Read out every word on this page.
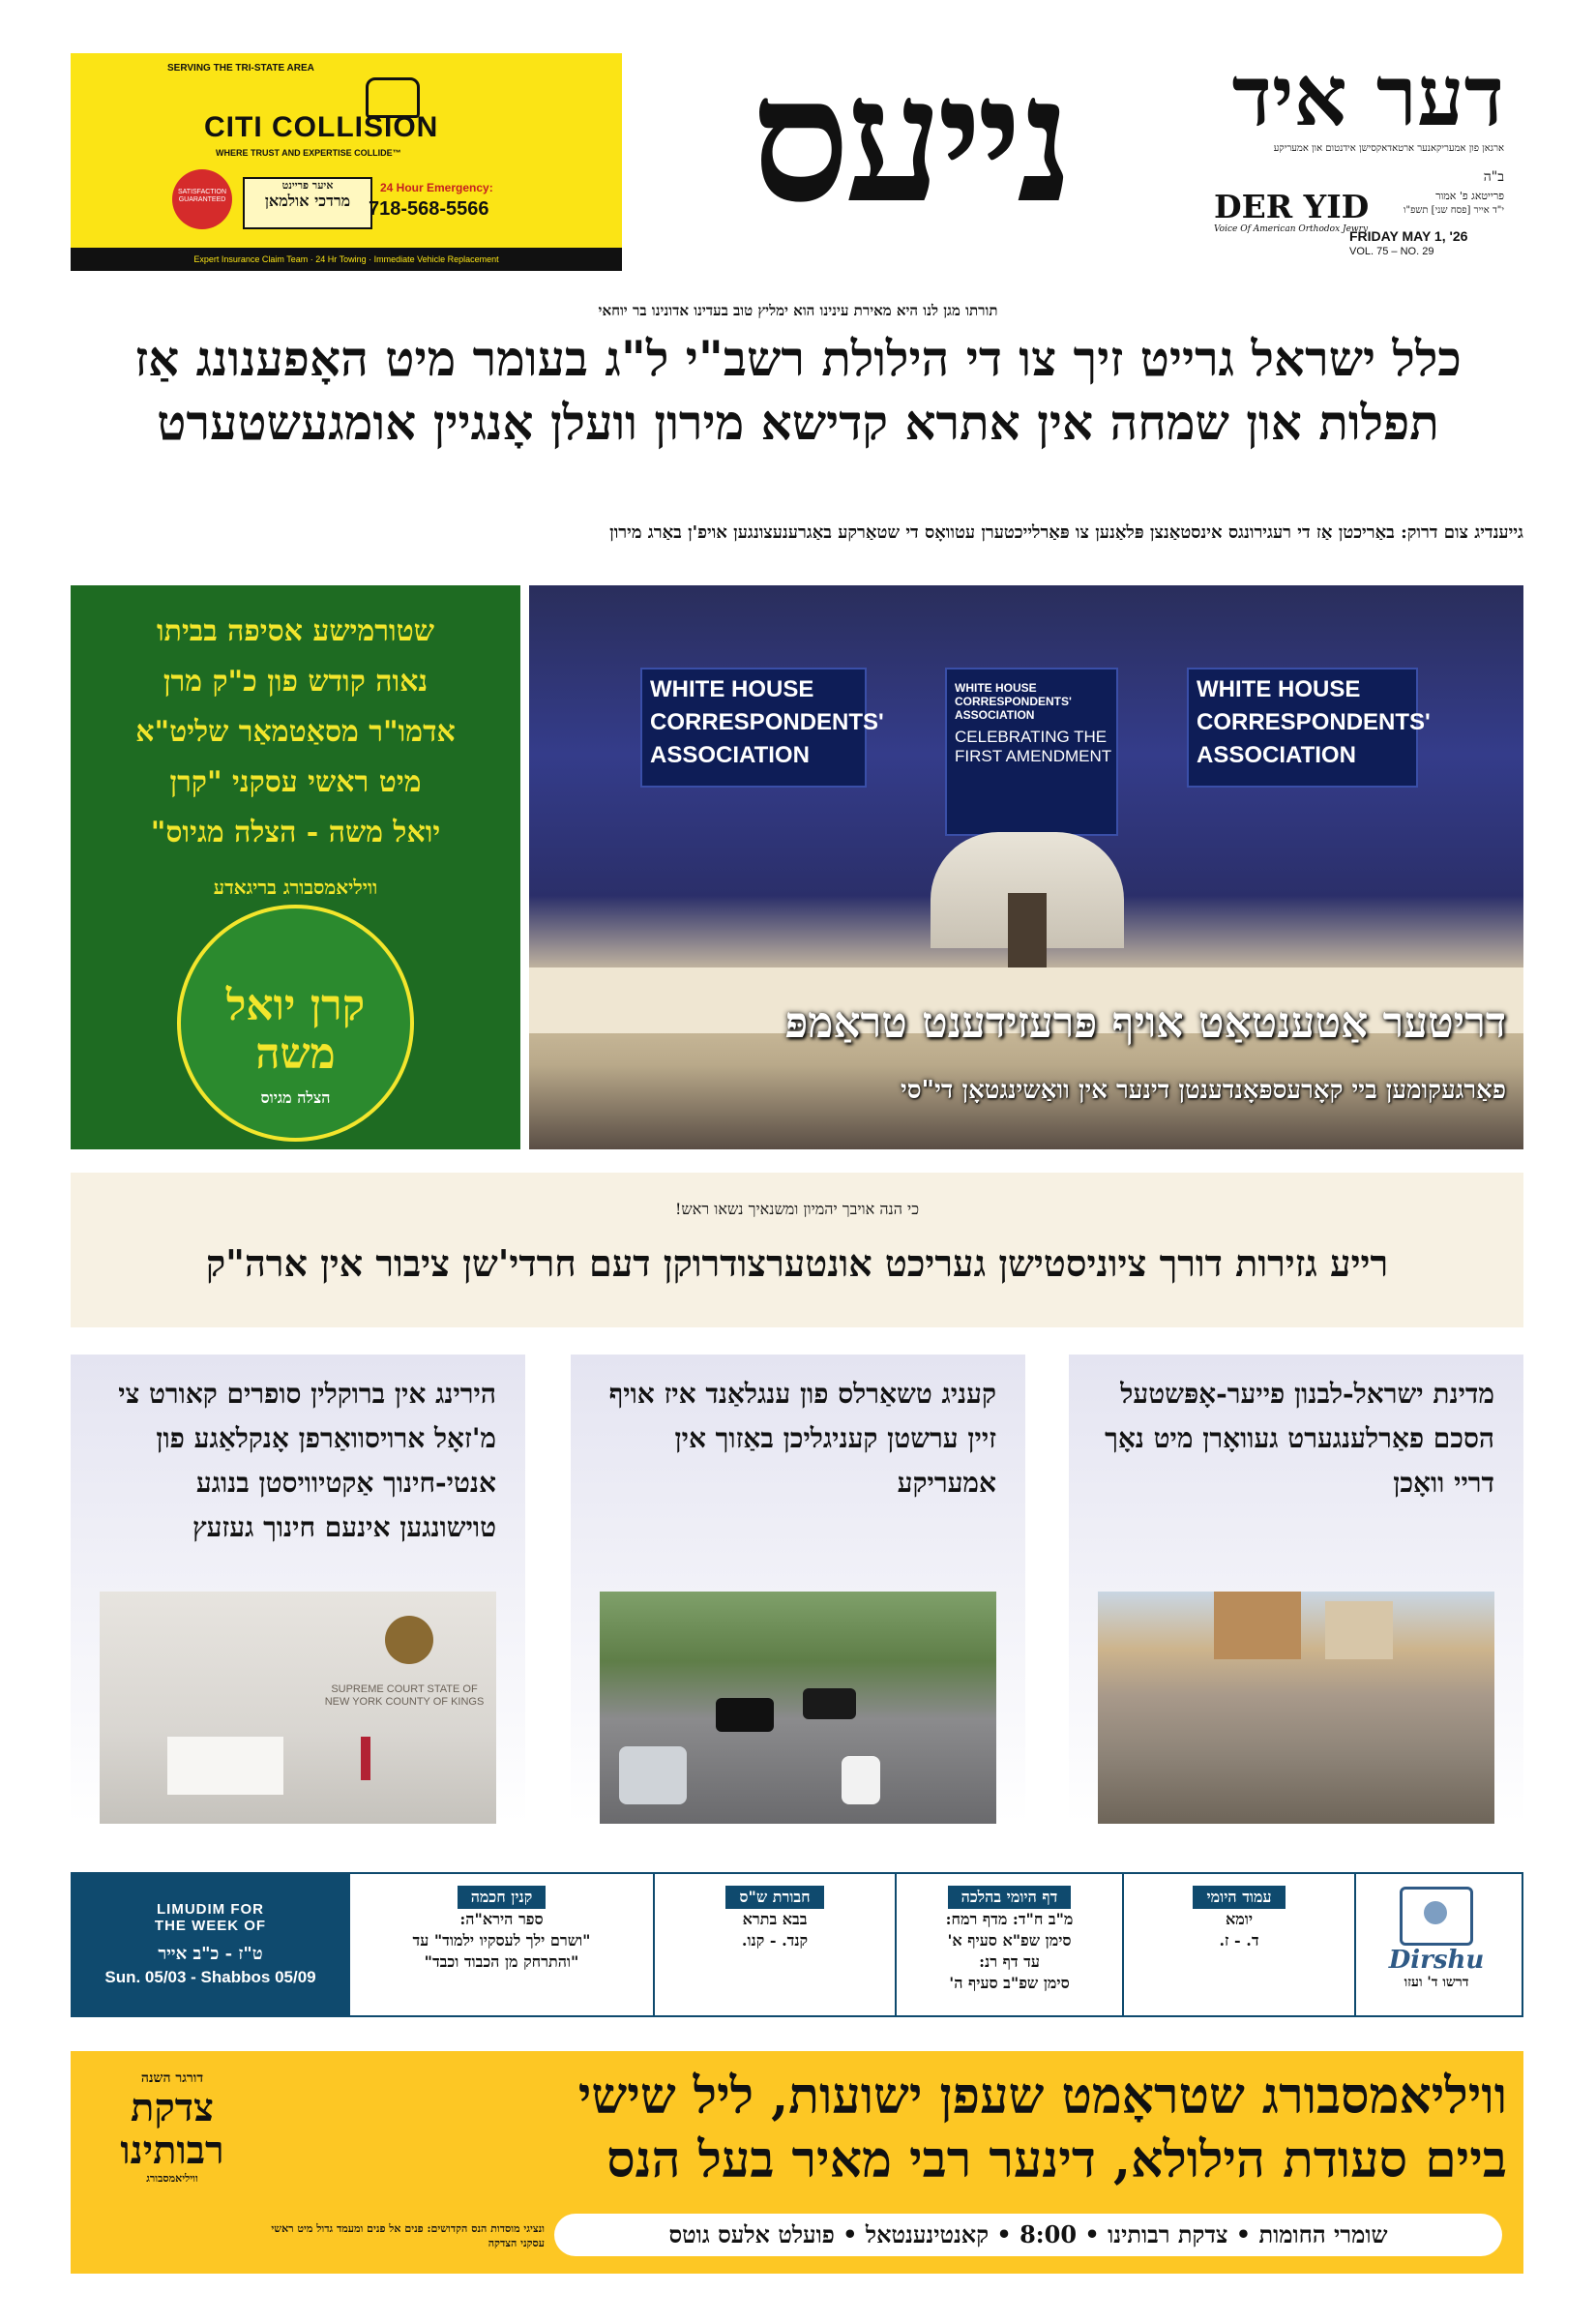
SERVING THE TRI-STATE AREA
CITI COLLISION
WHERE TRUST AND EXPERTISE COLLIDE™
SATISFACTION GUARANTEED
איער פריינט
מרדכי אולמאן
24 Hour Emergency:
718-568-5566
Expert Insurance Claim Team · 24 Hr Towing · Immediate Vehicle Replacement
נייעס	דער איד
ארגאן פון אמעריקאנער ארטאדאקסישן אידנטום און אמעריקע
DER YID
Voice Of American Orthodox Jewry
ב"ה
פרייטאג פ' אמור
י"ד אייר [פסח שני] תשפ"ו
FRIDAY MAY 1, '26
VOL. 75 – NO. 29
תורתו מגן לנו היא מאירת עינינו הוא ימליץ טוב בעדינו אדונינו בר יוחאי
כלל ישראל גרייט זיך צו די הילולת רשב"י ל"ג בעומר מיט האָפענונג אַז
תפלות און שמחה אין אתרא קדישא מירון וועלן אָנגיין אומגעשטערט
גייענדיג צום דרוק: באַריכטן אַז די רעגירונגס אינסטאַנצן פּלאַנען צו פּאַרלייכטערן עטוואָס די שטאַרקע באַגרענעצונגען אויפ'ן באַרג מירון
שטורמישע אסיפה בביתו
נאוה קודש פון כ"ק מרן
אדמו"ר מסאַטמאַר שליט"א
מיט ראשי עסקני "קרן
יואל משה - הצלה מגיוס"
וויליאמסבורג בריגאדע
קרן יואל משה
הצלה מגיוס
WHITE HOUSE
CORRESPONDENTS'
ASSOCIATION
WHITE HOUSE
CORRESPONDENTS'
ASSOCIATION
CELEBRATING THE
FIRST AMENDMENT
WHITE HOUSE
CORRESPONDENTS'
ASSOCIATION
דריטער אַטענטאַט אויף פּרעזידענט טראַמפּ
פאַרגעקומען ביי קאָרעספּאָנדענטן דינער אין וואַשינגטאָן די"סי
כי הנה אויבך יהמיון ומשנאיך נשאו ראש!
רייע גזירות דורך ציוניסטישן געריכט אונטערצודרוקן דעם חרדי'שן ציבור אין ארה"ק
מדינת ישראל-לבנון פייער-אָפּשטעל הסכם פאַרלענגערט געוואָרן מיט נאָך דריי וואָכן
קעניג טשאַרלס פון ענגלאַנד איז אויף זיין ערשטן קעניגליכן באַזוך אין אמעריקע
הירינג אין ברוקלין סופרים קאורט צי מ'זאָל ארויסוואַרפן אָנקלאַגע פון אנטי-חינוך אַקטיוויסטן בנוגע טוישונגען אינעם חינוך געזעץ
SUPREME COURT STATE OF NEW YORK COUNTY OF KINGS
LIMUDIM FOR
THE WEEK OF
ט"ז - כ"ב אייר
Sun. 05/03 - Shabbos 05/09
קנין חכמה
ספר הירא"ה:
"ושרם ילך לעסקיו ילמוד" עד
"והתרחק מן הכבוד וכבד"
חבורת ש"ס
בבא בתרא
קנד. - קנו.
דף היומי בהלכה
מ"ב ח"ד: מדף רמח:
סימן שפ"א סעיף א'
עד דף רנ:
סימן שפ"ב סעיף ה'
עמוד היומי
יומא
ד. - ז.
Dirshu
דרשו ד' ועזו
דורגר השנה
צדקת רבותינו
וויליאמסבורג
וויליאמסבורג שטראָמט שעפן ישועות, ליל שישי
ביים סעודת הילולא, דינער רבי מאיר בעל הנס
ונציגי מוסדות הנס הקדושים: פנים אל פנים ומעמד גדול מיט ראשי עסקני הצדקה	שומרי החומות • צדקת רבותינו • 8:00 • קאנטינענטאל • פועלט אלעס גוטס
